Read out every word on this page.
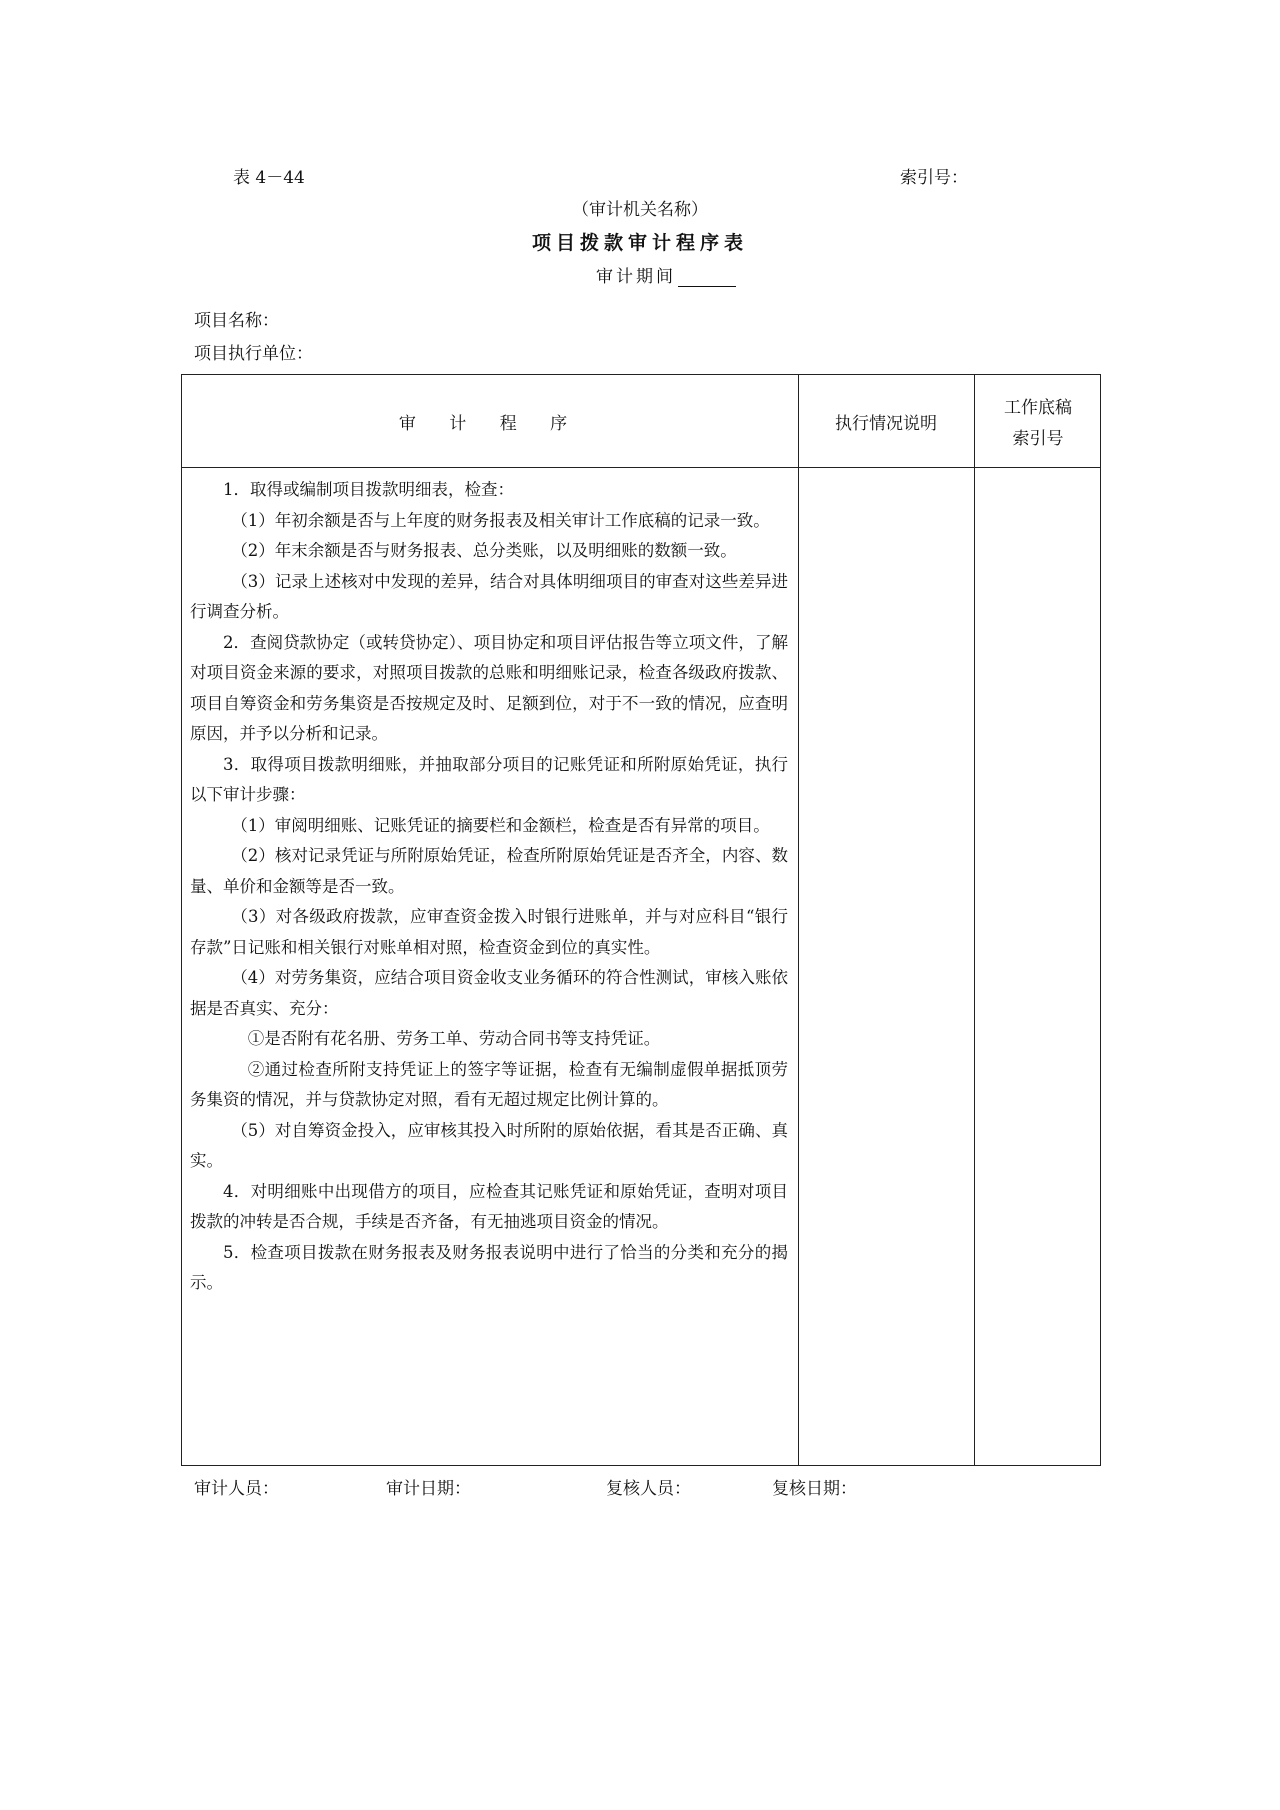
表 4－44	索引号：
（审计机关名称）
项目拨款审计程序表
审计期间
项目名称：
项目执行单位：
审 计 程 序	执行情况说明
工作底稿
索引号

1．取得或编制项目拨款明细表，检查：

（1）年初余额是否与上年度的财务报表及相关审计工作底稿的记录一致。

（2）年末余额是否与财务报表、总分类账，以及明细账的数额一致。

（3）记录上述核对中发现的差异，结合对具体明细项目的审查对这些差异进行调查分析。

2．查阅贷款协定（或转贷协定）、项目协定和项目评估报告等立项文件，了解对项目资金来源的要求，对照项目拨款的总账和明细账记录，检查各级政府拨款、项目自筹资金和劳务集资是否按规定及时、足额到位，对于不一致的情况，应查明原因，并予以分析和记录。

3．取得项目拨款明细账，并抽取部分项目的记账凭证和所附原始凭证，执行以下审计步骤：

（1）审阅明细账、记账凭证的摘要栏和金额栏，检查是否有异常的项目。

（2）核对记录凭证与所附原始凭证，检查所附原始凭证是否齐全，内容、数量、单价和金额等是否一致。

（3）对各级政府拨款，应审查资金拨入时银行进账单，并与对应科目“银行存款”日记账和相关银行对账单相对照，检查资金到位的真实性。

（4）对劳务集资，应结合项目资金收支业务循环的符合性测试，审核入账依据是否真实、充分：

①是否附有花名册、劳务工单、劳动合同书等支持凭证。

②通过检查所附支持凭证上的签字等证据，检查有无编制虚假单据抵顶劳务集资的情况，并与贷款协定对照，看有无超过规定比例计算的。

（5）对自筹资金投入，应审核其投入时所附的原始依据，看其是否正确、真实。

4．对明细账中出现借方的项目，应检查其记账凭证和原始凭证，查明对项目拨款的冲转是否合规，手续是否齐备，有无抽逃项目资金的情况。

5．检查项目拨款在财务报表及财务报表说明中进行了恰当的分类和充分的揭示。

审计人员：	审计日期：	复核人员：	复核日期：
